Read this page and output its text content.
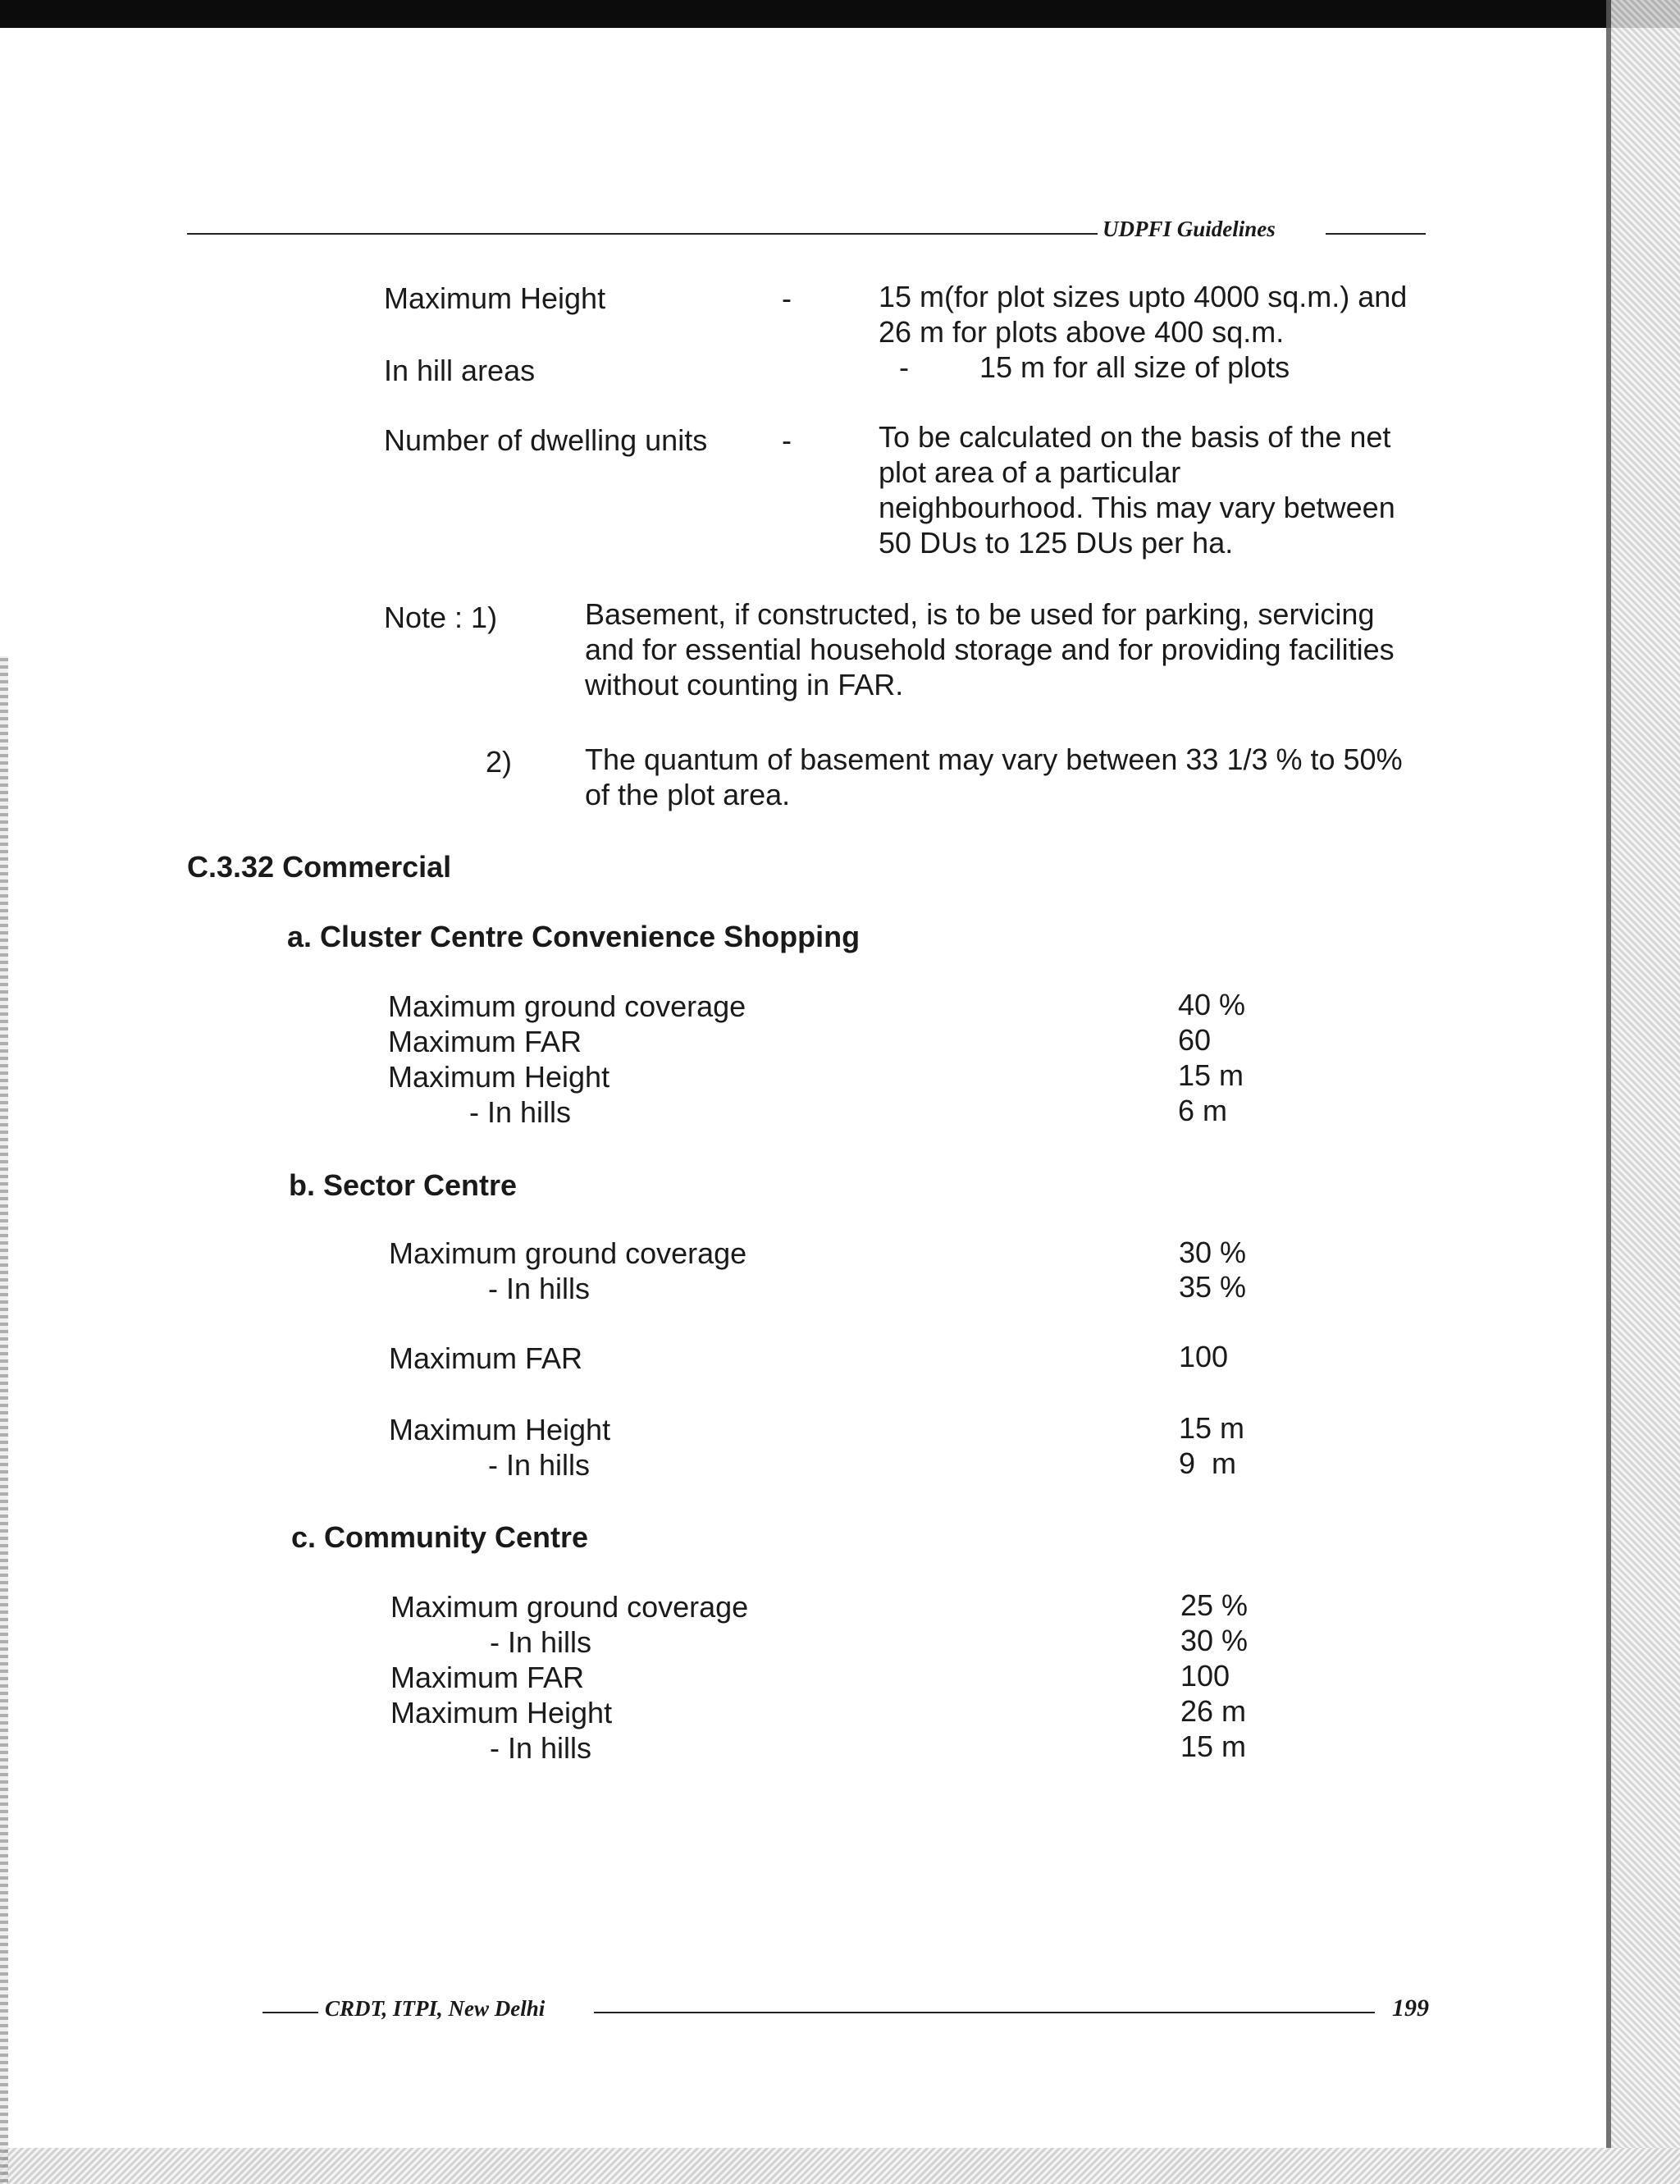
UDPFI Guidelines
Maximum Height	-	15 m(for plot sizes upto 4000 sq.m.) and
26 m for plots above 400 sq.m.
In hill areas	- 15 m for all size of plots
Number of dwelling units	-	To be calculated on the basis of the net
plot area of a particular
neighbourhood. This may vary between
50 DUs to 125 DUs per ha.
Note : 1)	Basement, if constructed, is to be used for parking, servicing
and for essential household storage and for providing facilities
without counting in FAR.
2) The quantum of basement may vary between 33 1/3 % to 50%
of the plot area.
C.3.32 Commercial
a. Cluster Centre Convenience Shopping
Maximum ground coverage	40 %
Maximum FAR	60
Maximum Height	15 m
- In hills	6 m
b. Sector Centre
Maximum ground coverage	30 %
- In hills	35 %
Maximum FAR	100
Maximum Height	15 m
- In hills	9  m
c. Community Centre
Maximum ground coverage	25 %
- In hills	30 %
Maximum FAR	100
Maximum Height	26 m
- In hills	15 m
CRDT, ITPI, New Delhi	199
